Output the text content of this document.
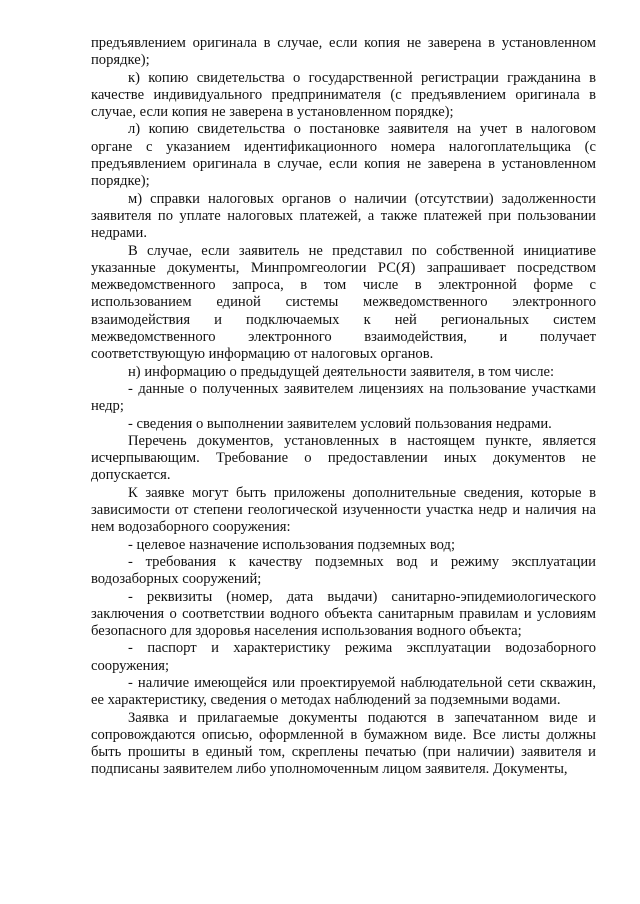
предъявлением оригинала в случае, если копия не заверена в установленном порядке);

к) копию свидетельства о государственной регистрации гражданина в качестве индивидуального предпринимателя (с предъявлением оригинала в случае, если копия не заверена в установленном порядке);

л) копию свидетельства о постановке заявителя на учет в налоговом органе с указанием идентификационного номера налогоплательщика (с предъявлением оригинала в случае, если копия не заверена в установленном порядке);

м) справки налоговых органов о наличии (отсутствии) задолженности заявителя по уплате налоговых платежей, а также платежей при пользовании недрами.

В случае, если заявитель не представил по собственной инициативе указанные документы, Минпромгеологии РС(Я) запрашивает посредством межведомственного запроса, в том числе в электронной форме с использованием единой системы межведомственного электронного взаимодействия и подключаемых к ней региональных систем межведомственного электронного взаимодействия, и получает соответствующую информацию от налоговых органов.

н) информацию о предыдущей деятельности заявителя, в том числе:

- данные о полученных заявителем лицензиях на пользование участками недр;

- сведения о выполнении заявителем условий пользования недрами.

Перечень документов, установленных в настоящем пункте, является исчерпывающим. Требование о предоставлении иных документов не допускается.

К заявке могут быть приложены дополнительные сведения, которые в зависимости от степени геологической изученности участка недр и наличия на нем водозаборного сооружения:

- целевое назначение использования подземных вод;

- требования к качеству подземных вод и режиму эксплуатации водозаборных сооружений;

- реквизиты (номер, дата выдачи) санитарно-эпидемиологического заключения о соответствии водного объекта санитарным правилам и условиям безопасного для здоровья населения использования водного объекта;

- паспорт и характеристику режима эксплуатации водозаборного сооружения;

- наличие имеющейся или проектируемой наблюдательной сети скважин, ее характеристику, сведения о методах наблюдений за подземными водами.

Заявка и прилагаемые документы подаются в запечатанном виде и сопровождаются описью, оформленной в бумажном виде. Все листы должны быть прошиты в единый том, скреплены печатью (при наличии) заявителя и подписаны заявителем либо уполномоченным лицом заявителя. Документы,
